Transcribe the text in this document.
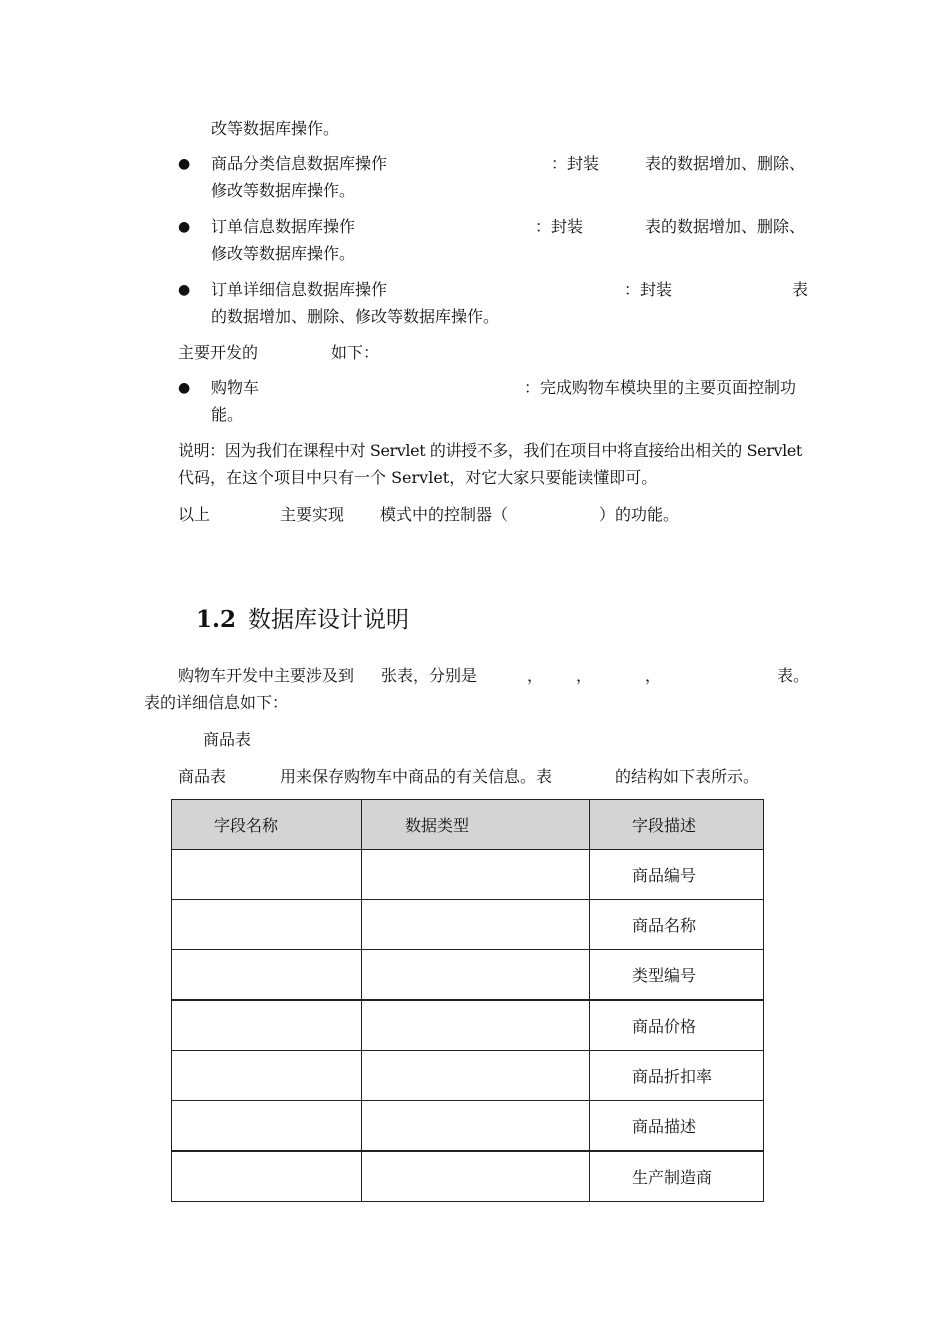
改等数据库操作。
● 商品分类信息数据库操作	：封装	表的数据增加、删除、
修改等数据库操作。
● 订单信息数据库操作	：封装	表的数据增加、删除、
修改等数据库操作。
● 订单详细信息数据库操作	：封装	表
的数据增加、删除、修改等数据库操作。
主要开发的	如下：
● 购物车	：完成购物车模块里的主要页面控制功
能。
说明：因为我们在课程中对 Servlet 的讲授不多，我们在项目中将直接给出相关的 Servlet
代码，在这个项目中只有一个 Servlet，对它大家只要能读懂即可。
以上	主要实现 模式中的控制器（	）的功能。
1.2 数据库设计说明
购物车开发中主要涉及到 张表，分别是	， ，	，	表。
表的详细信息如下：
商品表
商品表	用来保存购物车中商品的有关信息。表	的结构如下表所示。
字段名称	数据类型	字段描述
		商品编号
		商品名称
		类型编号
		商品价格
		商品折扣率
		商品描述
		生产制造商
